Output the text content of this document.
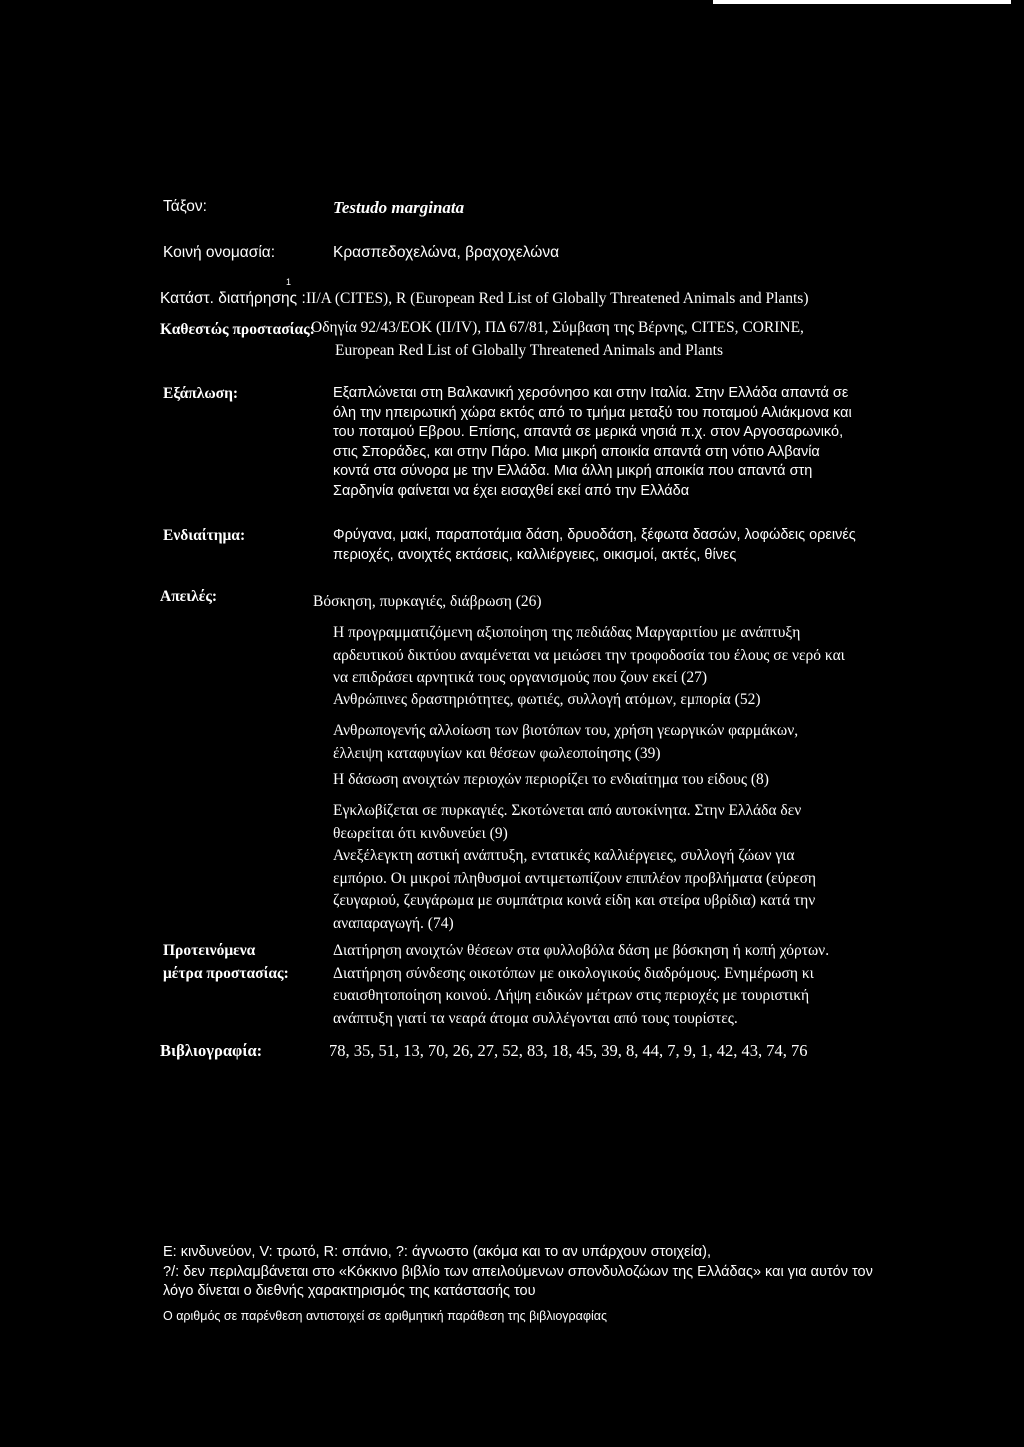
Τάξον:	Testudo marginata
Κοινή ονομασία:	Κρασπεδοχελώνα, βραχοχελώνα
1
Κατάστ. διατήρησης : II/A (CITES), R (European Red List of Globally Threatened Animals and Plants)
Καθεστώς προστασίας:
Οδηγία 92/43/ΕΟΚ (II/IV), ΠΔ 67/81, Σύμβαση της Βέρνης, CITES, CORINE,
European Red List of Globally Threatened Animals and Plants
Εξάπλωση:	Εξαπλώνεται στη Βαλκανική χερσόνησο και στην Ιταλία. Στην Ελλάδα απαντά σε
όλη την ηπειρωτική χώρα εκτός από το τμήμα μεταξύ του ποταμού Αλιάκμονα και
του ποταμού Εβρου. Επίσης, απαντά σε μερικά νησιά π.χ. στον Αργοσαρωνικό,
στις Σποράδες, και στην Πάρο. Μια μικρή αποικία απαντά στη νότιο Αλβανία
κοντά στα σύνορα με την Ελλάδα. Μια άλλη μικρή αποικία που απαντά στη
Σαρδηνία φαίνεται να έχει εισαχθεί εκεί από την Ελλάδα
Ενδιαίτημα:	Φρύγανα, μακί, παραποτάμια δάση, δρυοδάση, ξέφωτα δασών, λοφώδεις ορεινές
περιοχές, ανοιχτές εκτάσεις, καλλιέργειες, οικισμοί, ακτές, θίνες
Απειλές:	Βόσκηση, πυρκαγιές, διάβρωση (26)
Η προγραμματιζόμενη αξιοποίηση της πεδιάδας Μαργαριτίου με ανάπτυξη
αρδευτικού δικτύου αναμένεται να μειώσει την τροφοδοσία του έλους σε νερό και
να επιδράσει αρνητικά τους οργανισμούς που ζουν εκεί (27)
Ανθρώπινες δραστηριότητες, φωτιές, συλλογή ατόμων, εμπορία (52)
Ανθρωπογενής αλλοίωση των βιοτόπων του, χρήση γεωργικών φαρμάκων,
έλλειψη καταφυγίων και θέσεων φωλεοποίησης (39)
Η δάσωση ανοιχτών περιοχών περιορίζει το ενδιαίτημα του είδους (8)
Εγκλωβίζεται σε πυρκαγιές. Σκοτώνεται από αυτοκίνητα. Στην Ελλάδα δεν
θεωρείται ότι κινδυνεύει (9)
Ανεξέλεγκτη αστική ανάπτυξη, εντατικές καλλιέργειες, συλλογή ζώων για
εμπόριο. Οι μικροί πληθυσμοί αντιμετωπίζουν επιπλέον προβλήματα (εύρεση
ζευγαριού, ζευγάρωμα με συμπάτρια κοινά είδη και στείρα υβρίδια) κατά την
αναπαραγωγή. (74)
Προτεινόμενα
μέτρα προστασίας:
Διατήρηση ανοιχτών θέσεων στα φυλλοβόλα δάση με βόσκηση ή κοπή χόρτων.
Διατήρηση σύνδεσης οικοτόπων με οικολογικούς διαδρόμους. Ενημέρωση κι
ευαισθητοποίηση κοινού. Λήψη ειδικών μέτρων στις περιοχές με τουριστική
ανάπτυξη γιατί τα νεαρά άτομα συλλέγονται από τους τουρίστες.
Βιβλιογραφία:	78, 35, 51, 13, 70, 26, 27, 52, 83, 18, 45, 39, 8, 44, 7, 9, 1, 42, 43, 74, 76
E: κινδυνεύον, V: τρωτό, R: σπάνιο, ?: άγνωστο (ακόμα και το αν υπάρχουν στοιχεία),
?/: δεν περιλαμβάνεται στο «Κόκκινο βιβλίο των απειλούμενων σπονδυλοζώων της Ελλάδας» και για αυτόν τον
λόγο δίνεται ο διεθνής χαρακτηρισμός της κατάστασής του
Ο αριθμός σε παρένθεση αντιστοιχεί σε αριθμητική παράθεση της βιβλιογραφίας
